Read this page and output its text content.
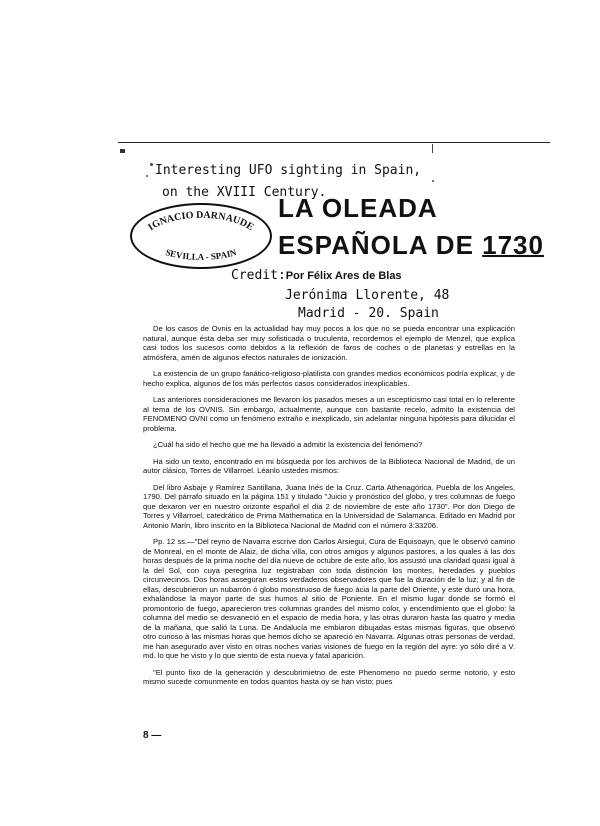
Interesting UFO sighting in Spain,
on the XVIII Century.
IGNACIO DARNAUDE
SEVILLA - SPAIN
LA OLEADA
ESPAÑOLA DE 1730
Credit:Por Félix Ares de Blas
Jerónima Llorente, 48
Madrid - 20. Spain

De los casos de Ovnis en la actualidad hay muy pocos a los que no se pueda encontrar una explicación natural, aunque ésta deba ser muy sofisticada o truculenta, recordemos el ejemplo de Menzel, que explica casi todos los sucesos como debidos a la reflexión de faros de coches o de planetas y estrellas en la atmósfera, amén de algunos efectos naturales de ionización.

La existencia de un grupo fanático-religioso-platilista con grandes medios económicos podría explicar, y de hecho explica, algunos de los más perfectos casos considerados inexplicables.

Las anteriores consideraciones me llevaron los pasados meses a un escepticismo casi total en lo referente al tema de los OVNIS. Sin embargo, actualmente, aunque con bastante recelo, admito la existencia del FENOMENO OVNI como un fenómeno extraño e inexplicado, sin adelantar ninguna hipótesis para dilucidar el problema.

¿Cuál ha sido el hecho que me ha llevado a admitir la existencia del fenómeno?

Ha sido un texto, encontrado en mi búsqueda por los archivos de la Biblioteca Nacional de Madrid, de un autor clásico, Torres de Villarroel. Léanlo ustedes mismos:

Del libro Asbaje y Ramírez Santillana, Juana Inés de la Cruz. Carta Athenagórica. Puebla de los Angeles, 1790. Del párrafo situado en la página 151 y titulado "Juicio y pronóstico del globo, y tres columnas de fuego que dexaron ver en nuestro orizonte español el día 2 de noviembre de este año 1730". Por don Diego de Torres y Villarroel, catedrático de Prima Mathematica en la Universidad de Salamanca. Editado en Madrid por Antonio Marín, libro inscrito en la Biblioteca Nacional de Madrid con el número 3:33206.

Pp. 12 ss.—"Del reyno de Navarra escrive don Carlos Arsiegui, Cura de Equisoayn, que le observó camino de Monreal, en el monte de Alaiz, de dicha villa, con otros amigos y algunos pastores, a los quales à las dos horas después de la prima noche del día nueve de octubre de este año, los assustó una claridad quasi igual à la del Sol, con cuya peregrina luz registraban con toda distinción los montes, heredades y pueblos circunvecinos. Dos horas asseguran estos verdaderos observadores que fue la duración de la luz; y al fin de ellas, descubrieron un nubarrón ó globo monstruoso de fuego àcia la parte del Oriente, y este duró una hora, exhalándose la mayor parte de sus humos al sitio de Poniente. En el mismo lugar donde se formó el promontorio de fuego, aparecieron tres columnas grandes del mismo color, y encendimiento que el globo: la columna del medio se desvaneció en el espacio de media hora, y las otras duraron hasta las quatro y media de la mañana, que salió la Luna. De Andalucía me embiaron dibujadas estas mismas figuras, que observó otro curioso à las mismas horas que hemos dicho se apareció en Navarra. Algunas otras personas de verdad, me han asegurado aver visto en otras noches varias visiones de fuego en la región del ayre: yo sólo diré a V. md. lo que he visto y lo que siento de esta nueva y fatal aparición.

"El punto fixo de la generación y descubrimietno de este Phenomeno no puedo serme notorio, y esto mismo sucede comunmente en todos quantos hasta oy se han visto; pues

8 —
